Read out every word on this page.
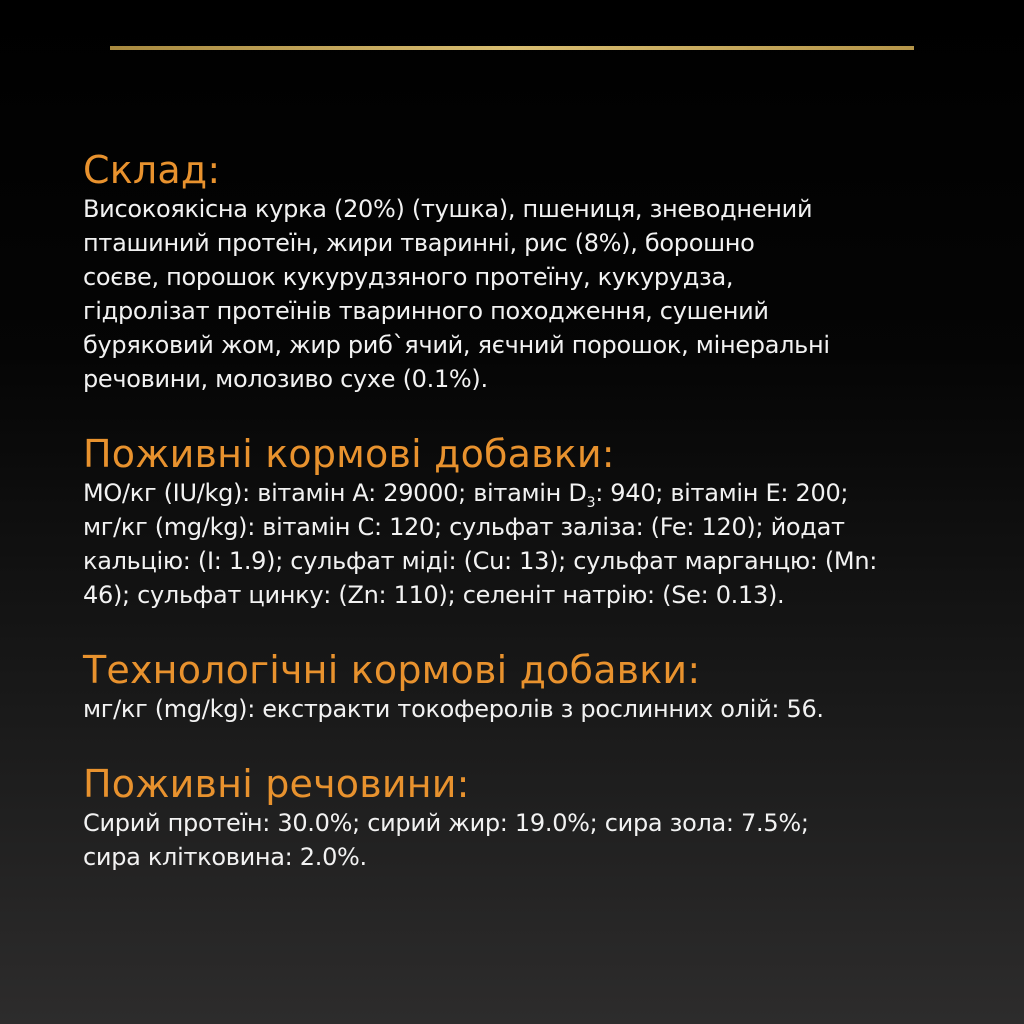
Склад:

Високоякісна курка (20%) (тушка), пшениця, зневоднений

пташиний протеїн, жири тваринні, рис (8%), борошно

соєве, порошок кукурудзяного протеїну, кукурудза,

гідролізат протеїнів тваринного походження, сушений

буряковий жом, жир риб`ячий, яєчний порошок, мінеральні

речовини, молозиво сухе (0.1%).

Поживні кормові добавки:

МО/кг (IU/kg): вітамін A: 29000; вітамін $D_3$: 940; вітамін E: 200;

мг/кг (mg/kg): вітамін C: 120; сульфат заліза: (Fe: 120); йодат

кальцію: (I: 1.9); сульфат міді: (Cu: 13); сульфат марганцю: (Mn:

46); сульфат цинку: (Zn: 110); селеніт натрію: (Se: 0.13).

Технологічні кормові добавки:

мг/кг (mg/kg): екстракти токоферолів з рослинних олій: 56.

Поживні речовини:

Сирий протеїн: 30.0%; сирий жир: 19.0%; сира зола: 7.5%;

сира клітковина: 2.0%.
